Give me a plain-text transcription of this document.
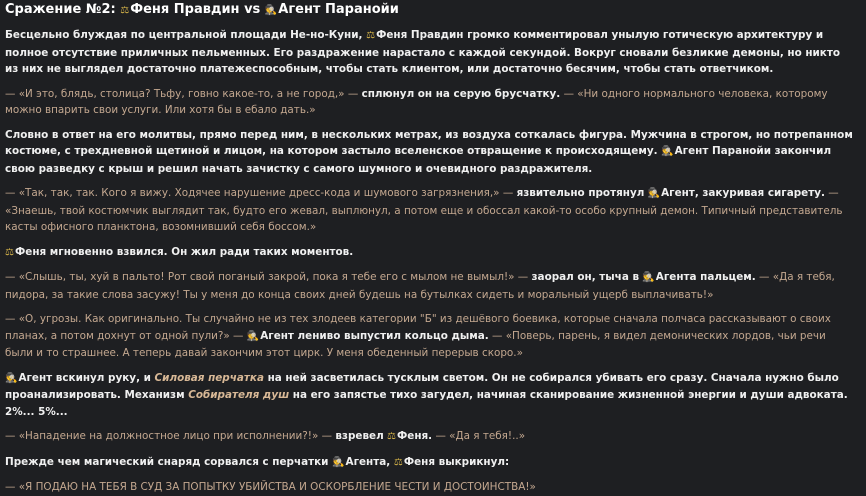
Сражение №2: ⚖Феня Правдин vs 🕵Агент Паранойи

Бесцельно блуждая по центральной площади Не-но-Куни, ⚖Феня Правдин громко комментировал унылую готическую архитектуру и полное отсутствие приличных пельменных. Его раздражение нарастало с каждой секундой. Вокруг сновали безликие демоны, но никто из них не выглядел достаточно платежеспособным, чтобы стать клиентом, или достаточно бесячим, чтобы стать ответчиком.

— «И это, блядь, столица? Тьфу, говно какое-то, а не город,» — сплюнул он на серую брусчатку. — «Ни одного нормального человека, которому можно впарить свои услуги. Или хотя бы в ебало дать.»

Словно в ответ на его молитвы, прямо перед ним, в нескольких метрах, из воздуха соткалась фигура. Мужчина в строгом, но потрепанном костюме, с трехдневной щетиной и лицом, на котором застыло вселенское отвращение к происходящему. 🕵Агент Паранойи закончил свою разведку с крыш и решил начать зачистку с самого шумного и очевидного раздражителя.

— «Так, так, так. Кого я вижу. Ходячее нарушение дресс-кода и шумового загрязнения,» — язвительно протянул 🕵Агент, закуривая сигарету. — «Знаешь, твой костюмчик выглядит так, будто его жевал, выплюнул, а потом еще и обоссал какой-то особо крупный демон. Типичный представитель касты офисного планктона, возомнивший себя боссом.»

⚖Феня мгновенно взвился. Он жил ради таких моментов.

— «Слышь, ты, хуй в пальто! Рот свой поганый закрой, пока я тебе его с мылом не вымыл!» — заорал он, тыча в 🕵Агента пальцем. — «Да я тебя, пидора, за такие слова засужу! Ты у меня до конца своих дней будешь на бутылках сидеть и моральный ущерб выплачивать!»

— «О, угрозы. Как оригинально. Ты случайно не из тех злодеев категории "Б" из дешёвого боевика, которые сначала полчаса рассказывают о своих планах, а потом дохнут от одной пули?» — 🕵Агент лениво выпустил кольцо дыма. — «Поверь, парень, я видел демонических лордов, чьи речи были и то страшнее. А теперь давай закончим этот цирк. У меня обеденный перерыв скоро.»

🕵Агент вскинул руку, и Силовая перчатка на ней засветилась тусклым светом. Он не собирался убивать его сразу. Сначала нужно было проанализировать. Механизм Собирателя душ на его запястье тихо загудел, начиная сканирование жизненной энергии и души адвоката. 2%... 5%...

— «Нападение на должностное лицо при исполнении?!» — взревел ⚖Феня. — «Да я тебя!..»

Прежде чем магический снаряд сорвался с перчатки 🕵Агента, ⚖Феня выкрикнул:

— «Я ПОДАЮ НА ТЕБЯ В СУД ЗА ПОПЫТКУ УБИЙСТВА И ОСКОРБЛЕНИЕ ЧЕСТИ И ДОСТОИНСТВА!»
